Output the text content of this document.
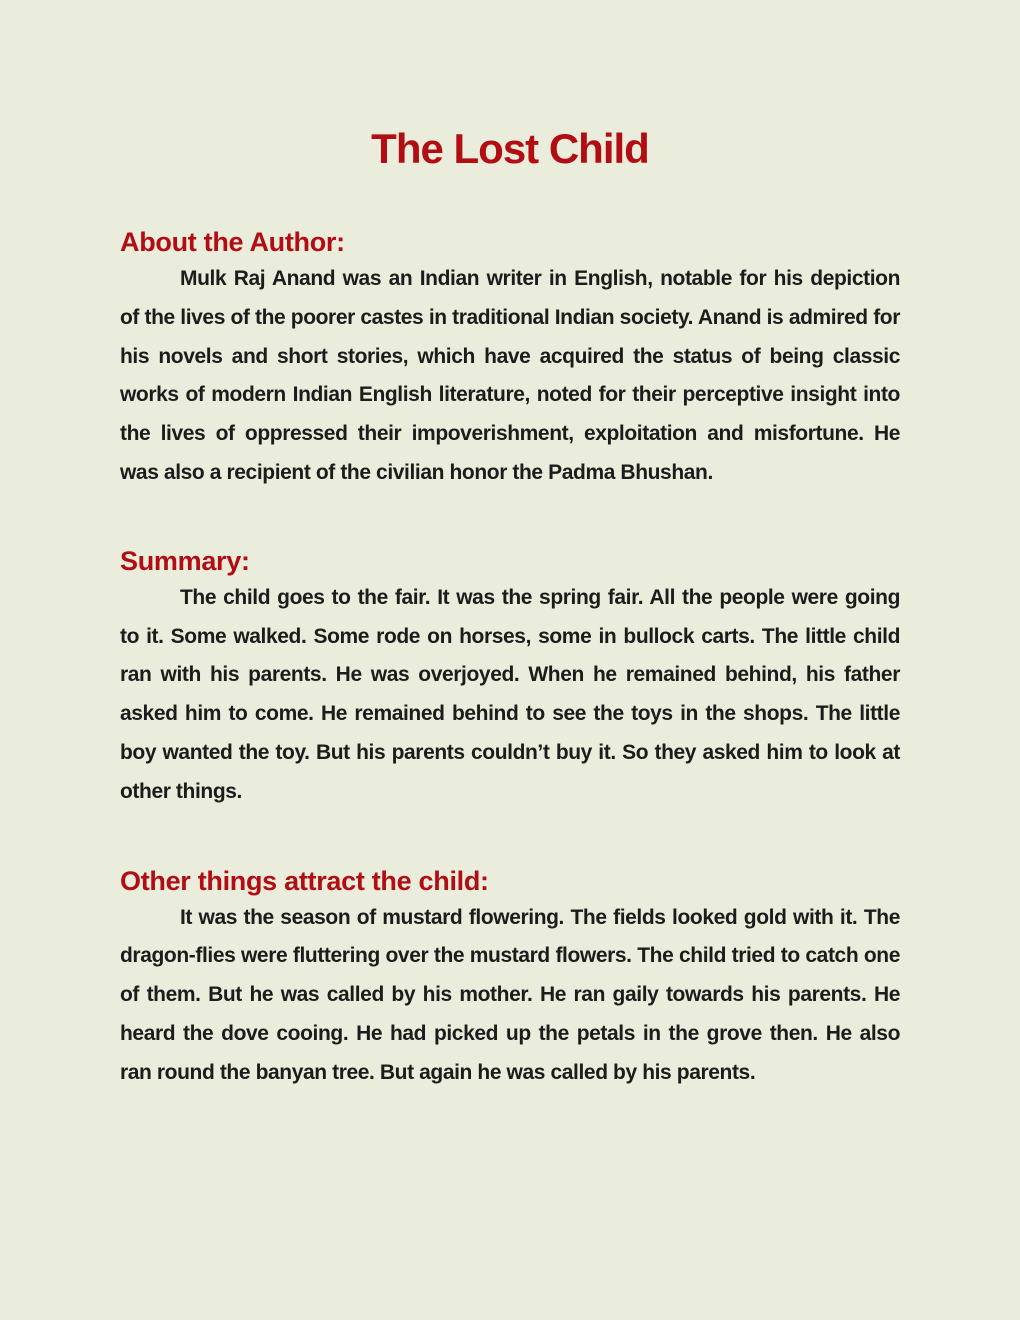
The Lost Child
About the Author:

Mulk Raj Anand was an Indian writer in English, notable for his depiction of the lives of the poorer castes in traditional Indian society. Anand is admired for his novels and short stories, which have acquired the status of being classic works of modern Indian English literature, noted for their perceptive insight into the lives of oppressed their impoverishment, exploitation and misfortune. He was also a recipient of the civilian honor the Padma Bhushan.

Summary:

The child goes to the fair. It was the spring fair. All the people were going to it. Some walked. Some rode on horses, some in bullock carts. The little child ran with his parents. He was overjoyed. When he remained behind, his father asked him to come. He remained behind to see the toys in the shops. The little boy wanted the toy. But his parents couldn’t buy it. So they asked him to look at other things.

Other things attract the child:

It was the season of mustard flowering. The fields looked gold with it. The dragon-flies were fluttering over the mustard flowers. The child tried to catch one of them. But he was called by his mother. He ran gaily towards his parents. He heard the dove cooing. He had picked up the petals in the grove then. He also ran round the banyan tree. But again he was called by his parents.
